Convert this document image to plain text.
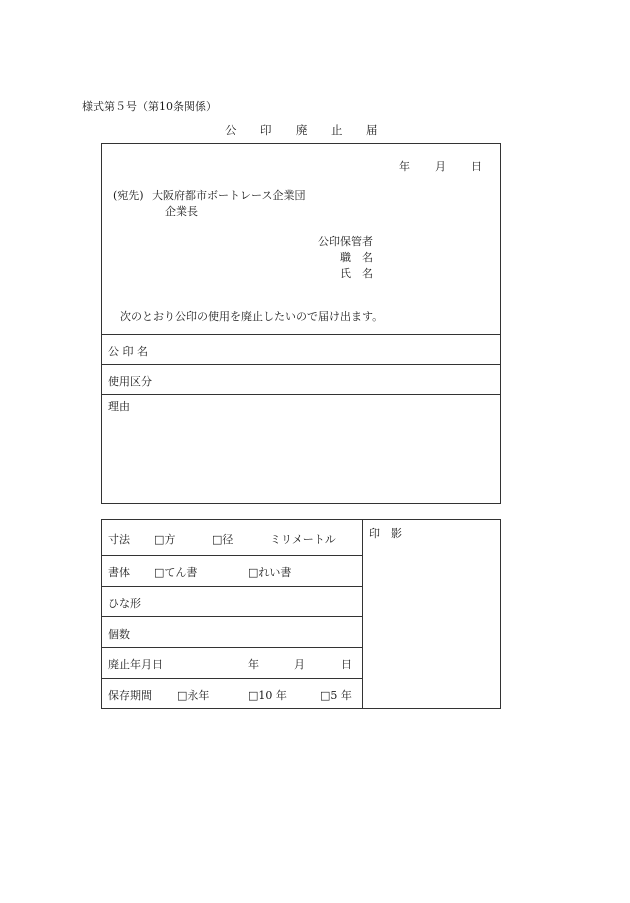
様式第５号（第10条関係）
公 印 廃 止 届
年 月 日
(宛先) 大阪府都市ボートレース企業団
企業長
公印保管者
職　名
氏　名
次のとおり公印の使用を廃止したいので届け出ます。
公 印 名
使用区分
理由
寸法 □方	□径	ミリメートル
書体 □てん書	□れい書
ひな形
個数
廃止年月日	年	月	日
保存期間 □永年	□10 年	□5 年
印　影
